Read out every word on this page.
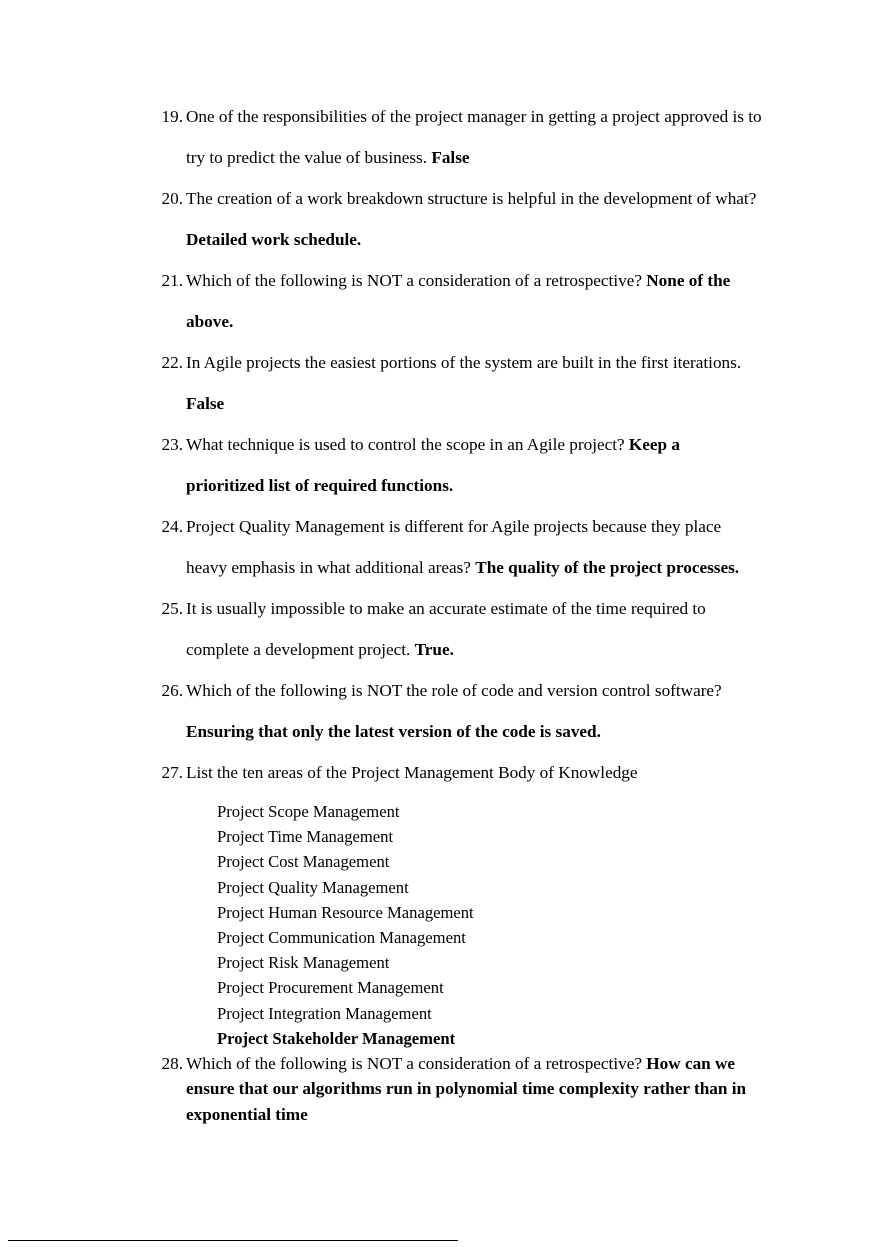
19. One of the responsibilities of the project manager in getting a project approved is to try to predict the value of business. False
20. The creation of a work breakdown structure is helpful in the development of what? Detailed work schedule.
21. Which of the following is NOT a consideration of a retrospective? None of the above.
22. In Agile projects the easiest portions of the system are built in the first iterations. False
23. What technique is used to control the scope in an Agile project? Keep a prioritized list of required functions.
24. Project Quality Management is different for Agile projects because they place heavy emphasis in what additional areas? The quality of the project processes.
25. It is usually impossible to make an accurate estimate of the time required to complete a development project. True.
26. Which of the following is NOT the role of code and version control software? Ensuring that only the latest version of the code is saved.
27. List the ten areas of the Project Management Body of Knowledge
Project Scope Management
Project Time Management
Project Cost Management
Project Quality Management
Project Human Resource Management
Project Communication Management
Project Risk Management
Project Procurement Management
Project Integration Management
Project Stakeholder Management
28. Which of the following is NOT a consideration of a retrospective? How can we ensure that our algorithms run in polynomial time complexity rather than in exponential time
